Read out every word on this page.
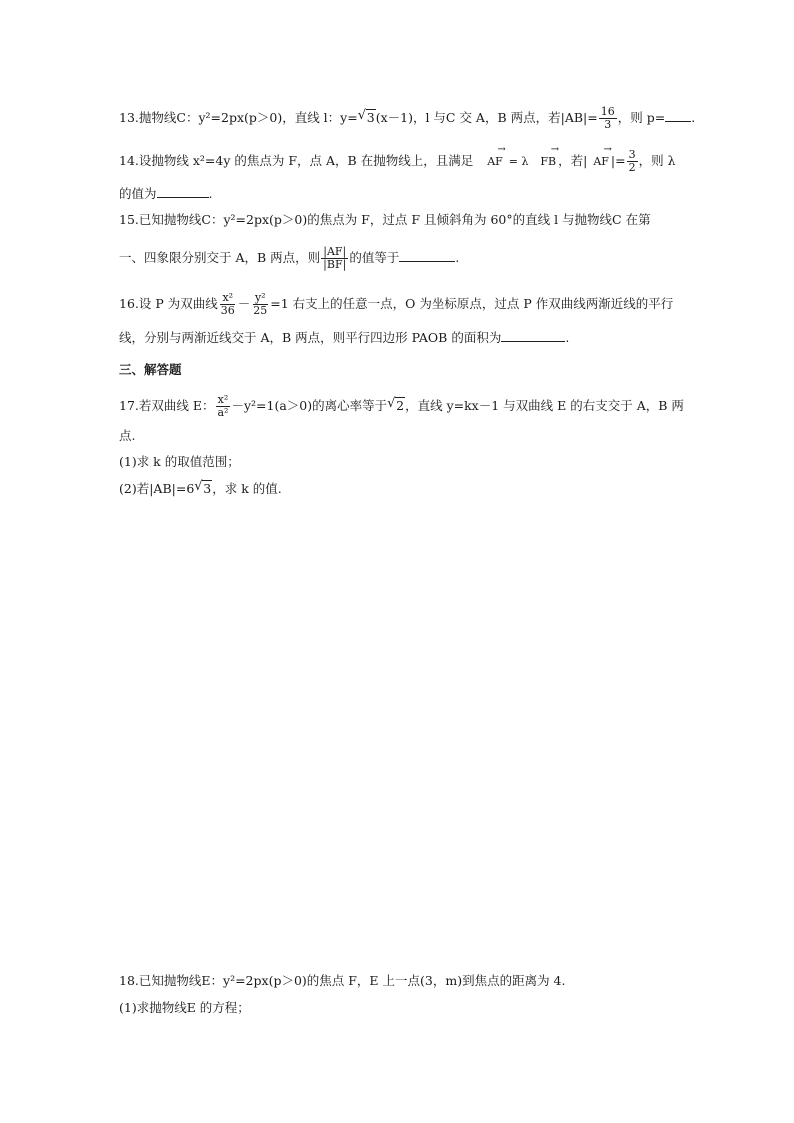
13.抛物线C：y²=2px(p＞0)，直线 l：y= √ 3(x－1)，l 与C 交 A，B 两点，若$|AB|= \frac{16}{3}$ ，则 p= .
14.设抛物线 x²=4y 的焦点为 F，点 A，B 在抛物线上，且满足 → AF = λ → FB ，若| → AF |= $\frac{3}{2}$ ，则 λ
的值为	.
15.已知抛物线C：y²=2px(p＞0)的焦点为 F，过点 F 且倾斜角为 60°的直线 l 与抛物线C 在第
一、四象限分别交于 A，B 两点，则 $\frac{|AF|}{|BF|}$ 的值等于	.
16.设 P 为双曲线 $\frac{\text{x²}}{36} - \frac{\text{y²}}{25} =1$ 右支上的任意一点，O 为坐标原点，过点 P 作双曲线两渐近线的平行
线，分别与两渐近线交于 A，B 两点，则平行四边形 PAOB 的面积为	.
三、解答题
17.若双曲线 E： $\frac{\text{x²}}{\text{a²}} -y^2=1(a>0)$的离心率等于 √ 2，直线 y=kx－1 与双曲线 E 的右支交于 A，B 两
点.
(1)求 k 的取值范围；
(2)若|AB|=6 √ 3，求 k 的值.
18.已知抛物线E：y²=2px(p＞0)的焦点 F，E 上一点(3，m)到焦点的距离为 4.
(1)求抛物线E 的方程；
